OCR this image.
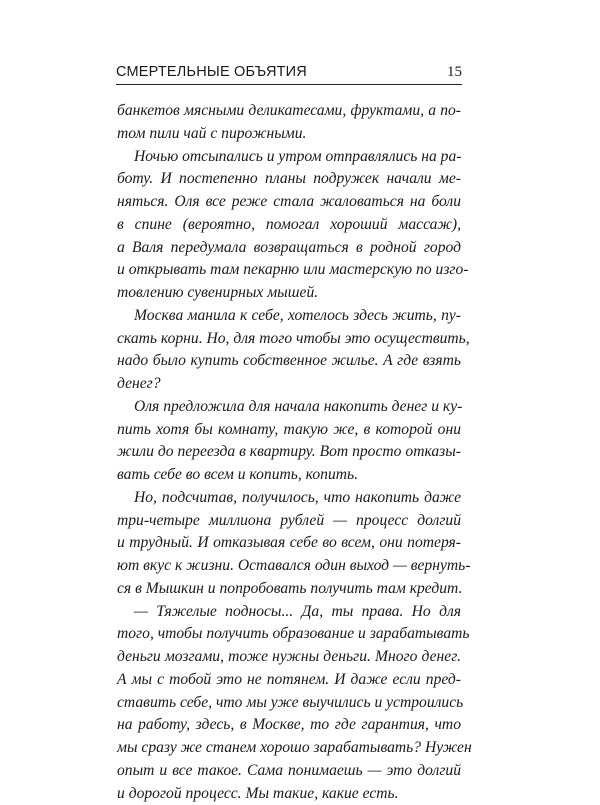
СМЕРТЕЛЬНЫЕ ОБЪЯТИЯ	15
банкетов мясными деликатесами, фруктами, а по-
том пили чай с пирожными.
Ночью отсыпались и утром отправлялись на ра-
боту. И постепенно планы подружек начали ме-
няться. Оля все реже стала жаловаться на боли
в спине (вероятно, помогал хороший массаж),
а Валя передумала возвращаться в родной город
и открывать там пекарню или мастерскую по изго-
товлению сувенирных мышей.
Москва манила к себе, хотелось здесь жить, пу-
скать корни. Но, для того чтобы это осуществить,
надо было купить собственное жилье. А где взять
денег?
Оля предложила для начала накопить денег и ку-
пить хотя бы комнату, такую же, в которой они
жили до переезда в квартиру. Вот просто отказы-
вать себе во всем и копить, копить.
Но, подсчитав, получилось, что накопить даже
три-четыре миллиона рублей — процесс долгий
и трудный. И отказывая себе во всем, они потеря-
ют вкус к жизни. Оставался один выход — вернуть-
ся в Мышкин и попробовать получить там кредит.
— Тяжелые подносы... Да, ты права. Но для
того, чтобы получить образование и зарабатывать
деньги мозгами, тоже нужны деньги. Много денег.
А мы с тобой это не потянем. И даже если пред-
ставить себе, что мы уже выучились и устроились
на работу, здесь, в Москве, то где гарантия, что
мы сразу же станем хорошо зарабатывать? Нужен
опыт и все такое. Сама понимаешь — это долгий
и дорогой процесс. Мы такие, какие есть.
